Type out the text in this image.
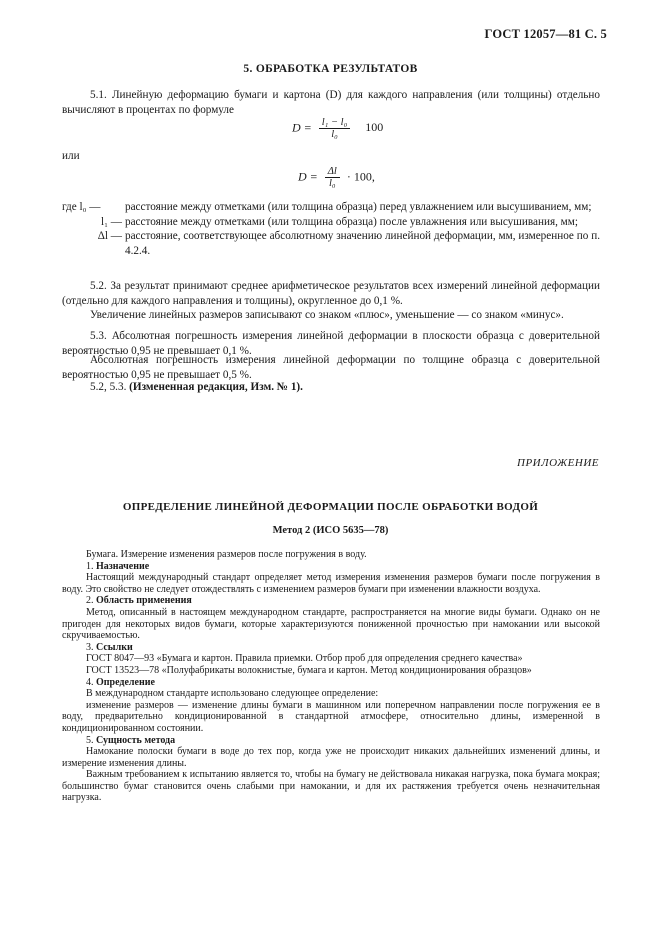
ГОСТ 12057—81 С. 5
5. ОБРАБОТКА РЕЗУЛЬТАТОВ
5.1. Линейную деформацию бумаги и картона (D) для каждого направления (или толщины) отдельно вычисляют в процентах по формуле
$D = \frac{\text{l₁ − l₀}}{\text{l₀}} 100$
или
$D = \frac{\Delta l}{\text{l₀}} \cdot 100$,
где l₀ —	расстояние между отметками (или толщина образца) перед увлажнением или высушиванием, мм;
l₁ — расстояние между отметками (или толщина образца) после увлажнения или высушивания, мм;
Δl — расстояние, соответствующее абсолютному значению линейной деформации, мм, измеренное по п. 4.2.4.
5.2. За результат принимают среднее арифметическое результатов всех измерений линейной деформации (отдельно для каждого направления и толщины), округленное до 0,1 %.
Увеличение линейных размеров записывают со знаком «плюс», уменьшение — со знаком «минус».
5.3. Абсолютная погрешность измерения линейной деформации в плоскости образца с доверительной вероятностью 0,95 не превышает 0,1 %.
Абсолютная погрешность измерения линейной деформации по толщине образца с доверительной вероятностью 0,95 не превышает 0,5 %.
5.2, 5.3. (Измененная редакция, Изм. № 1).
ПРИЛОЖЕНИЕ
ОПРЕДЕЛЕНИЕ ЛИНЕЙНОЙ ДЕФОРМАЦИИ ПОСЛЕ ОБРАБОТКИ ВОДОЙ
Метод 2 (ИСО 5635—78)
Бумага. Измерение изменения размеров после погружения в воду.
1. Назначение
Настоящий международный стандарт определяет метод измерения изменения размеров бумаги после погружения в воду. Это свойство не следует отождествлять с изменением размеров бумаги при изменении влажности воздуха.
2. Область применения
Метод, описанный в настоящем международном стандарте, распространяется на многие виды бумаги. Однако он не пригоден для некоторых видов бумаги, которые характеризуются пониженной прочностью при намокании или высокой скручиваемостью.
3. Ссылки
ГОСТ 8047—93 «Бумага и картон. Правила приемки. Отбор проб для определения среднего качества»
ГОСТ 13523—78 «Полуфабрикаты волокнистые, бумага и картон. Метод кондиционирования образцов»
4. Определение
В международном стандарте использовано следующее определение:
изменение размеров — изменение длины бумаги в машинном или поперечном направлении после погружения ее в воду, предварительно кондиционированной в стандартной атмосфере, относительно длины, измеренной в кондиционированном состоянии.
5. Сущность метода
Намокание полоски бумаги в воде до тех пор, когда уже не происходит никаких дальнейших изменений длины, и измерение изменения длины.
Важным требованием к испытанию является то, чтобы на бумагу не действовала никакая нагрузка, пока бумага мокрая; большинство бумаг становится очень слабыми при намокании, и для их растяжения требуется очень незначительная нагрузка.
